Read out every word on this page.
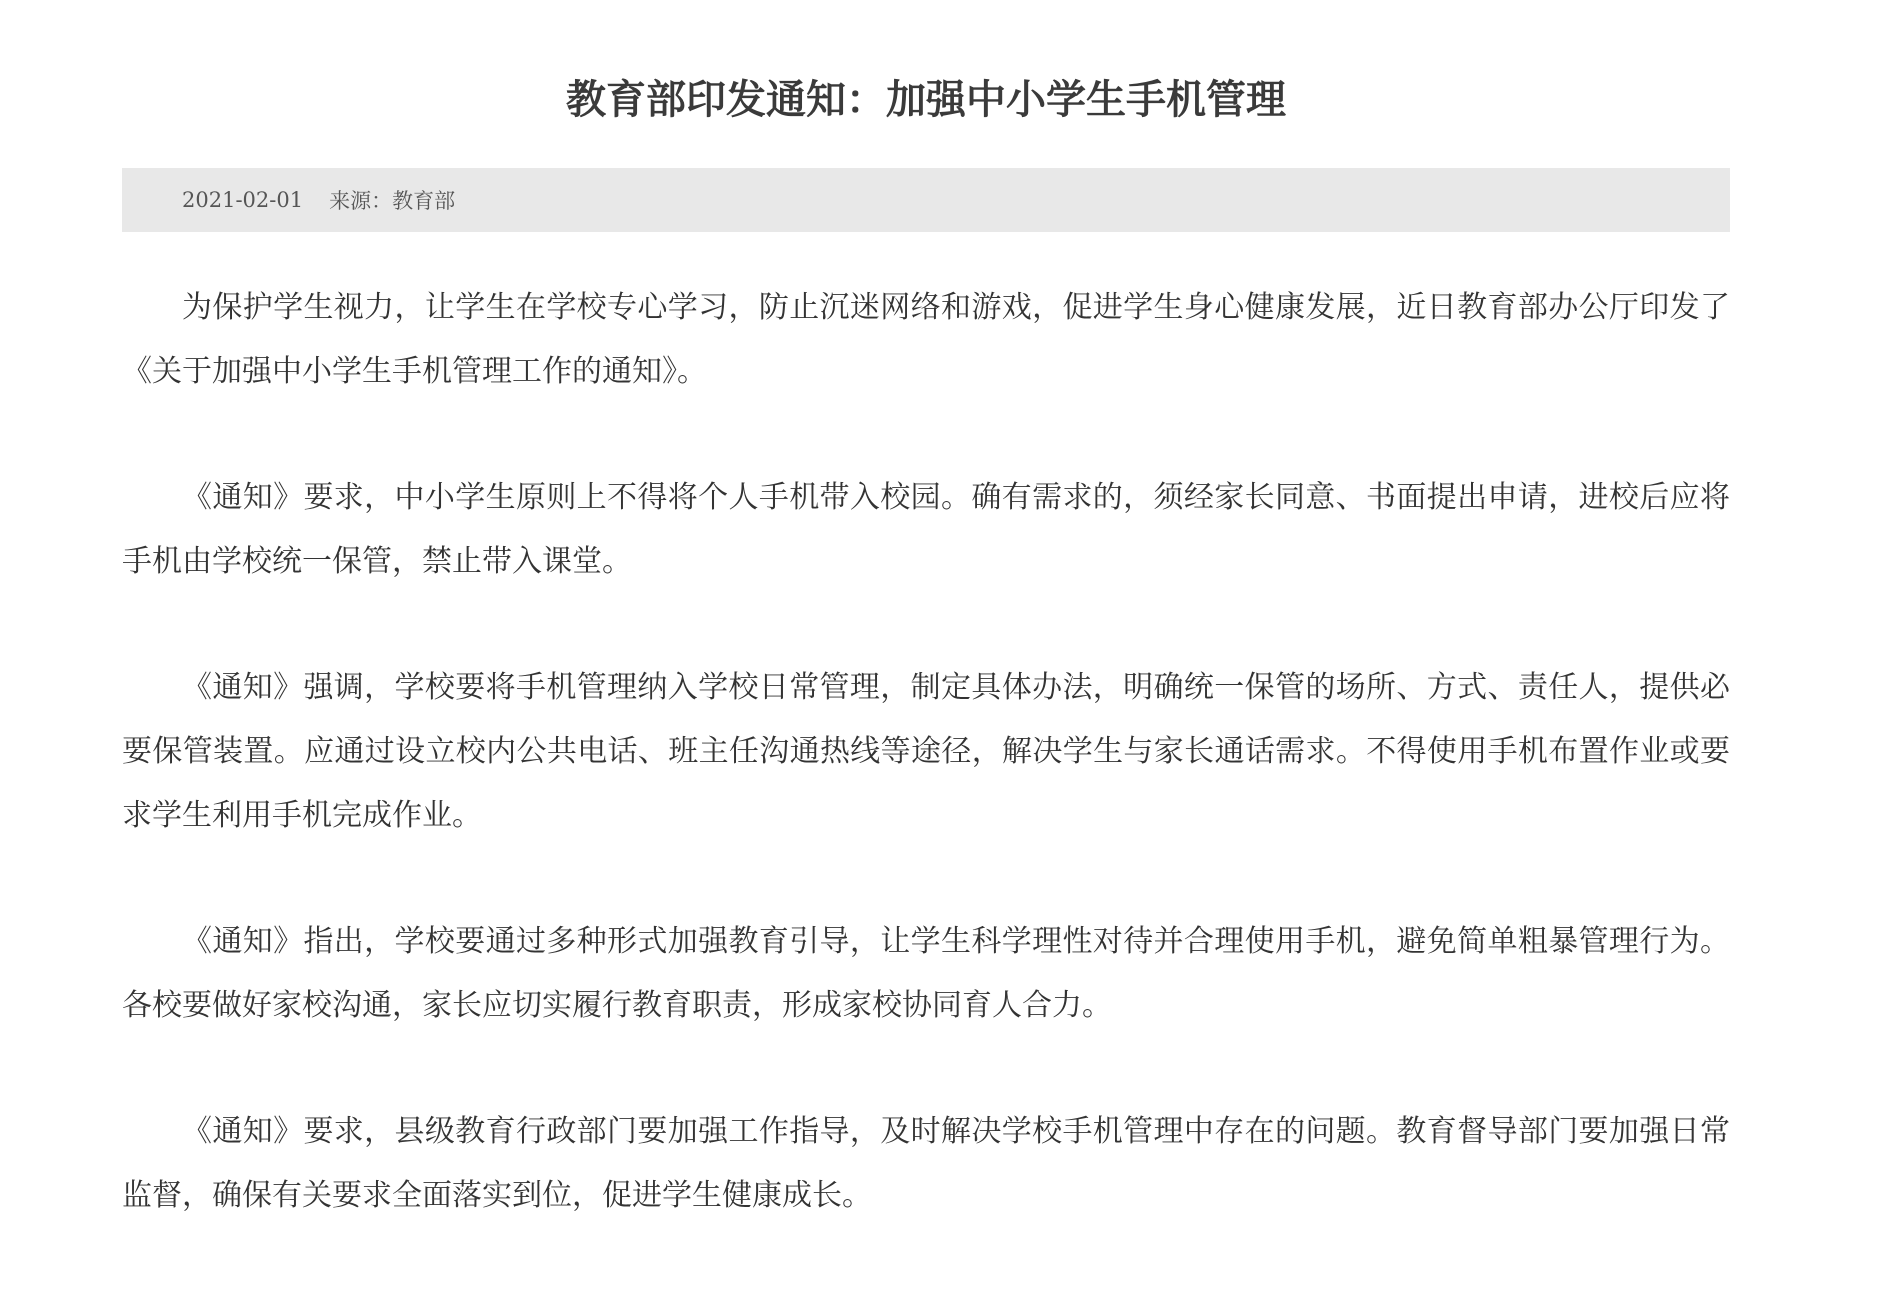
教育部印发通知：加强中小学生手机管理
2021-02-01 来源：教育部

为保护学生视力，让学生在学校专心学习，防止沉迷网络和游戏，促进学生身心健康发展，近日教育部办公厅印发了《关于加强中小学生手机管理工作的通知》。

《通知》要求，中小学生原则上不得将个人手机带入校园。确有需求的，须经家长同意、书面提出申请，进校后应将手机由学校统一保管，禁止带入课堂。

《通知》强调，学校要将手机管理纳入学校日常管理，制定具体办法，明确统一保管的场所、方式、责任人，提供必要保管装置。应通过设立校内公共电话、班主任沟通热线等途径，解决学生与家长通话需求。不得使用手机布置作业或要求学生利用手机完成作业。

《通知》指出，学校要通过多种形式加强教育引导，让学生科学理性对待并合理使用手机，避免简单粗暴管理行为。各校要做好家校沟通，家长应切实履行教育职责，形成家校协同育人合力。

《通知》要求，县级教育行政部门要加强工作指导，及时解决学校手机管理中存在的问题。教育督导部门要加强日常监督，确保有关要求全面落实到位，促进学生健康成长。
